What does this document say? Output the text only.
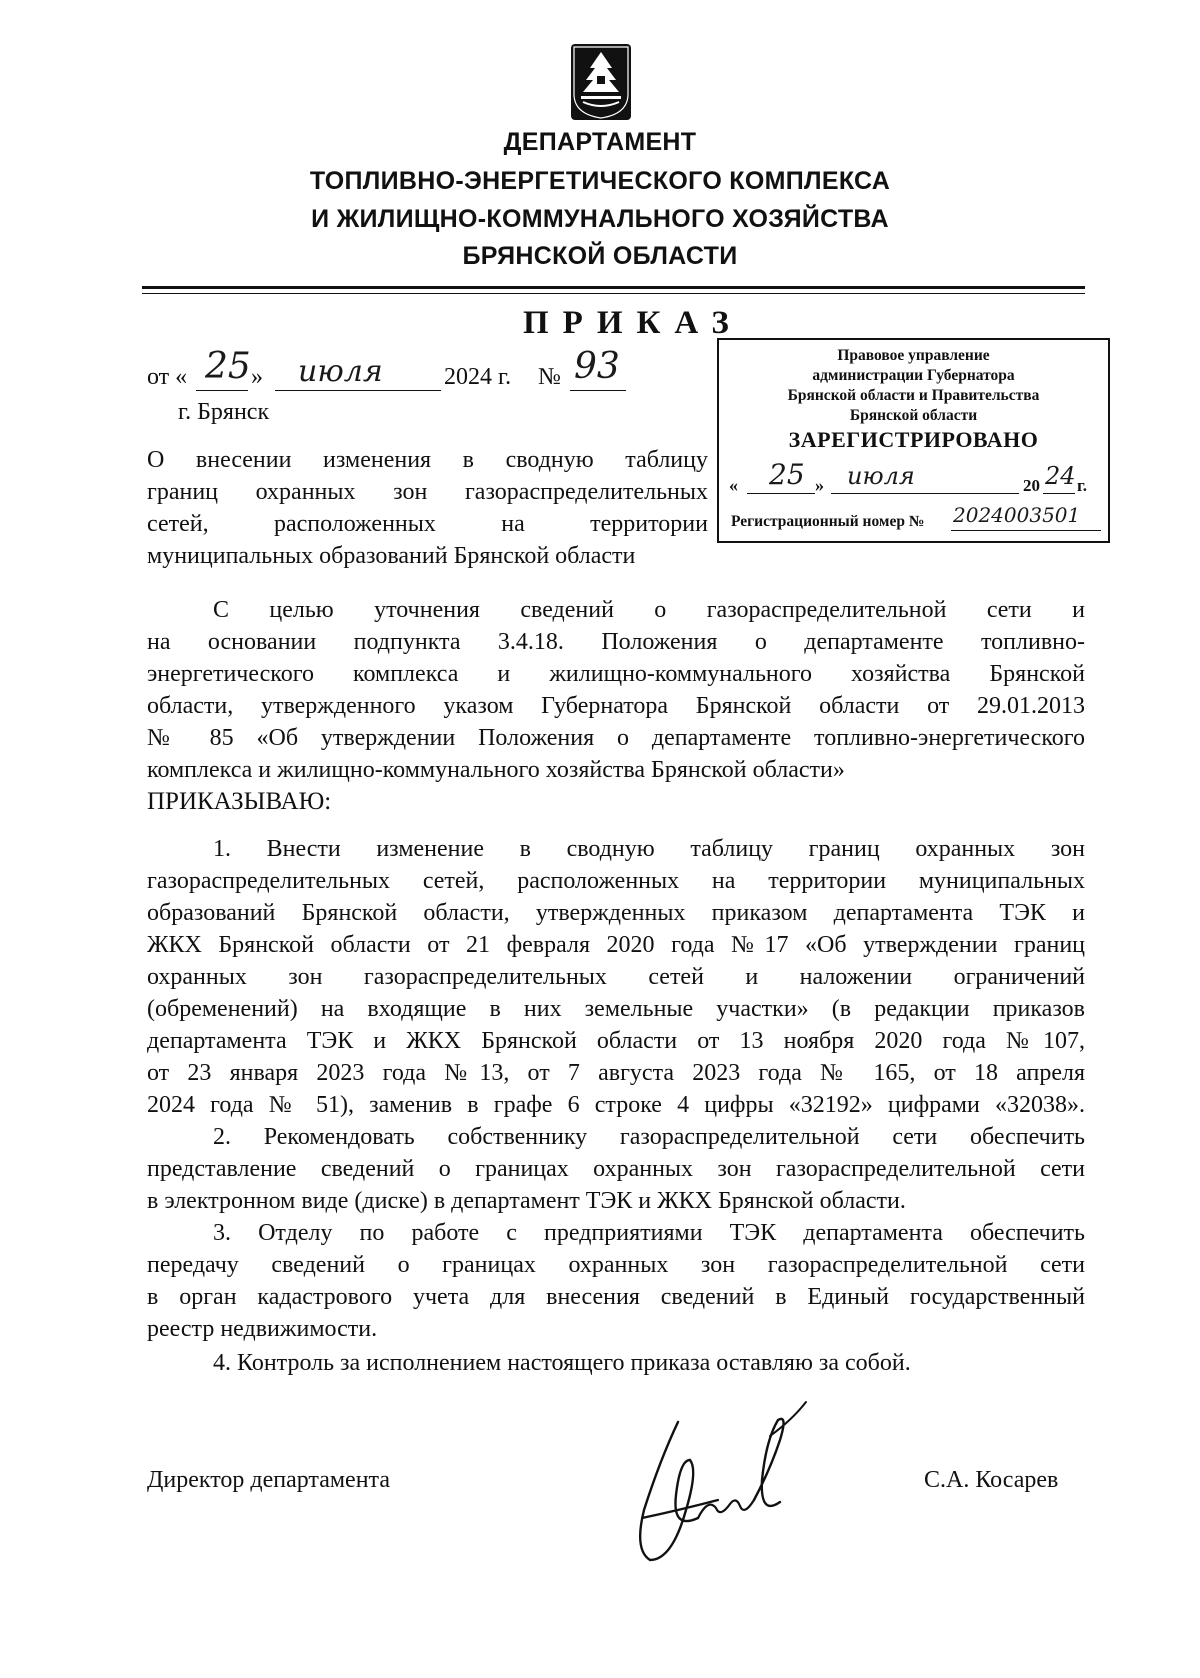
ДЕПАРТАМЕНТ
ТОПЛИВНО-ЭНЕРГЕТИЧЕСКОГО КОМПЛЕКСА
И ЖИЛИЩНО-КОММУНАЛЬНОГО ХОЗЯЙСТВА
БРЯНСКОЙ ОБЛАСТИ
ПРИКАЗ
от « 25 » июля	2024 г. № 93
г. Брянск
О внесении изменения в сводную таблицу
границ охранных зон газораспределительных
сетей, расположенных на территории
муниципальных образований Брянской области
Правовое управление
администрации Губернатора
Брянской области и Правительства
Брянской области
ЗАРЕГИСТРИРОВАНО
« 25 » июля	20 24 г.
Регистрационный номер № 2024003501
С целью уточнения сведений о газораспределительной сети и
на основании подпункта 3.4.18. Положения о департаменте топливно-
энергетического комплекса и жилищно-коммунального хозяйства Брянской
области, утвержденного указом Губернатора Брянской области от 29.01.2013
№ 85 «Об утверждении Положения о департаменте топливно-энергетического
комплекса и жилищно-коммунального хозяйства Брянской области»
ПРИКАЗЫВАЮ:
1. Внести изменение в сводную таблицу границ охранных зон
газораспределительных сетей, расположенных на территории муниципальных
образований Брянской области, утвержденных приказом департамента ТЭК и
ЖКХ Брянской области от 21 февраля 2020 года №17 «Об утверждении границ
охранных зон газораспределительных сетей и наложении ограничений
(обременений) на входящие в них земельные участки» (в редакции приказов
департамента ТЭК и ЖКХ Брянской области от 13 ноября 2020 года №107,
от 23 января 2023 года №13, от 7 августа 2023 года № 165, от 18 апреля
2024 года № 51), заменив в графе 6 строке 4 цифры «32192» цифрами «32038».
2. Рекомендовать собственнику газораспределительной сети обеспечить
представление сведений о границах охранных зон газораспределительной сети
в электронном виде (диске) в департамент ТЭК и ЖКХ Брянской области.
3. Отделу по работе с предприятиями ТЭК департамента обеспечить
передачу сведений о границах охранных зон газораспределительной сети
в орган кадастрового учета для внесения сведений в Единый государственный
реестр недвижимости.
4. Контроль за исполнением настоящего приказа оставляю за собой.
Директор департамента	С.А. Косарев
